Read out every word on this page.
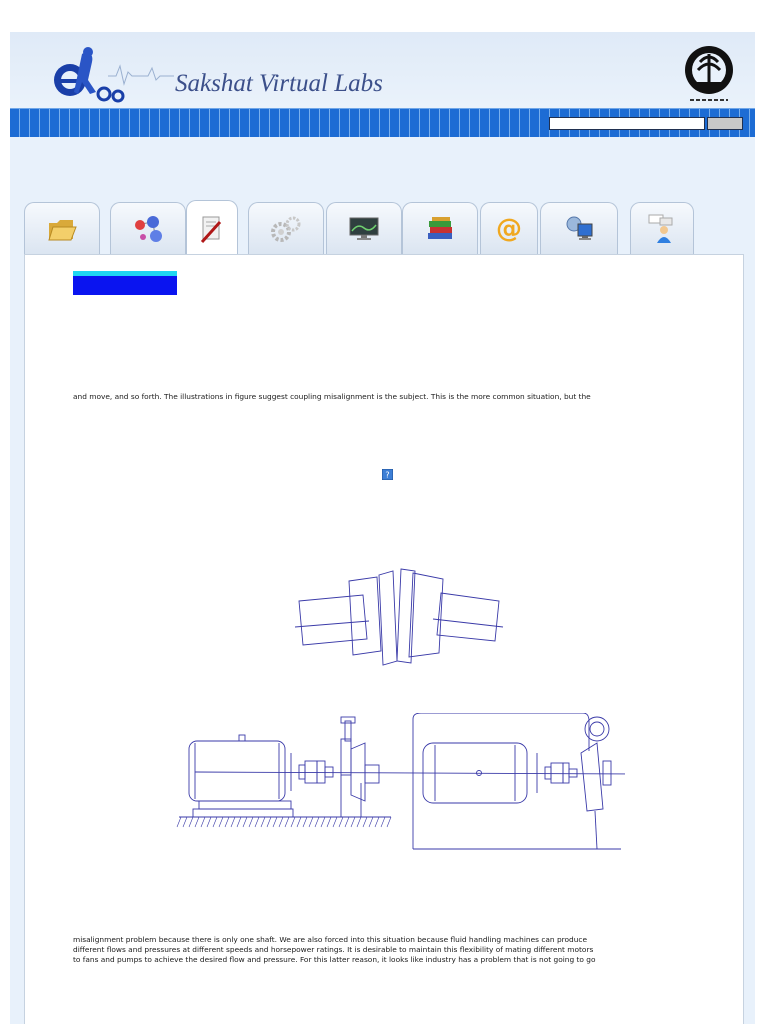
Sakshat Virtual Labs
@
and move, and so forth. The illustrations in figure suggest coupling misalignment is the subject. This is the more common situation, but the
?
misalignment problem because there is only one shaft. We are also forced into this situation because fluid handling machines can produce
different flows and pressures at different speeds and horsepower ratings. It is desirable to maintain this flexibility of mating different motors
to fans and pumps to achieve the desired flow and pressure. For this latter reason, it looks like industry has a problem that is not going to go
